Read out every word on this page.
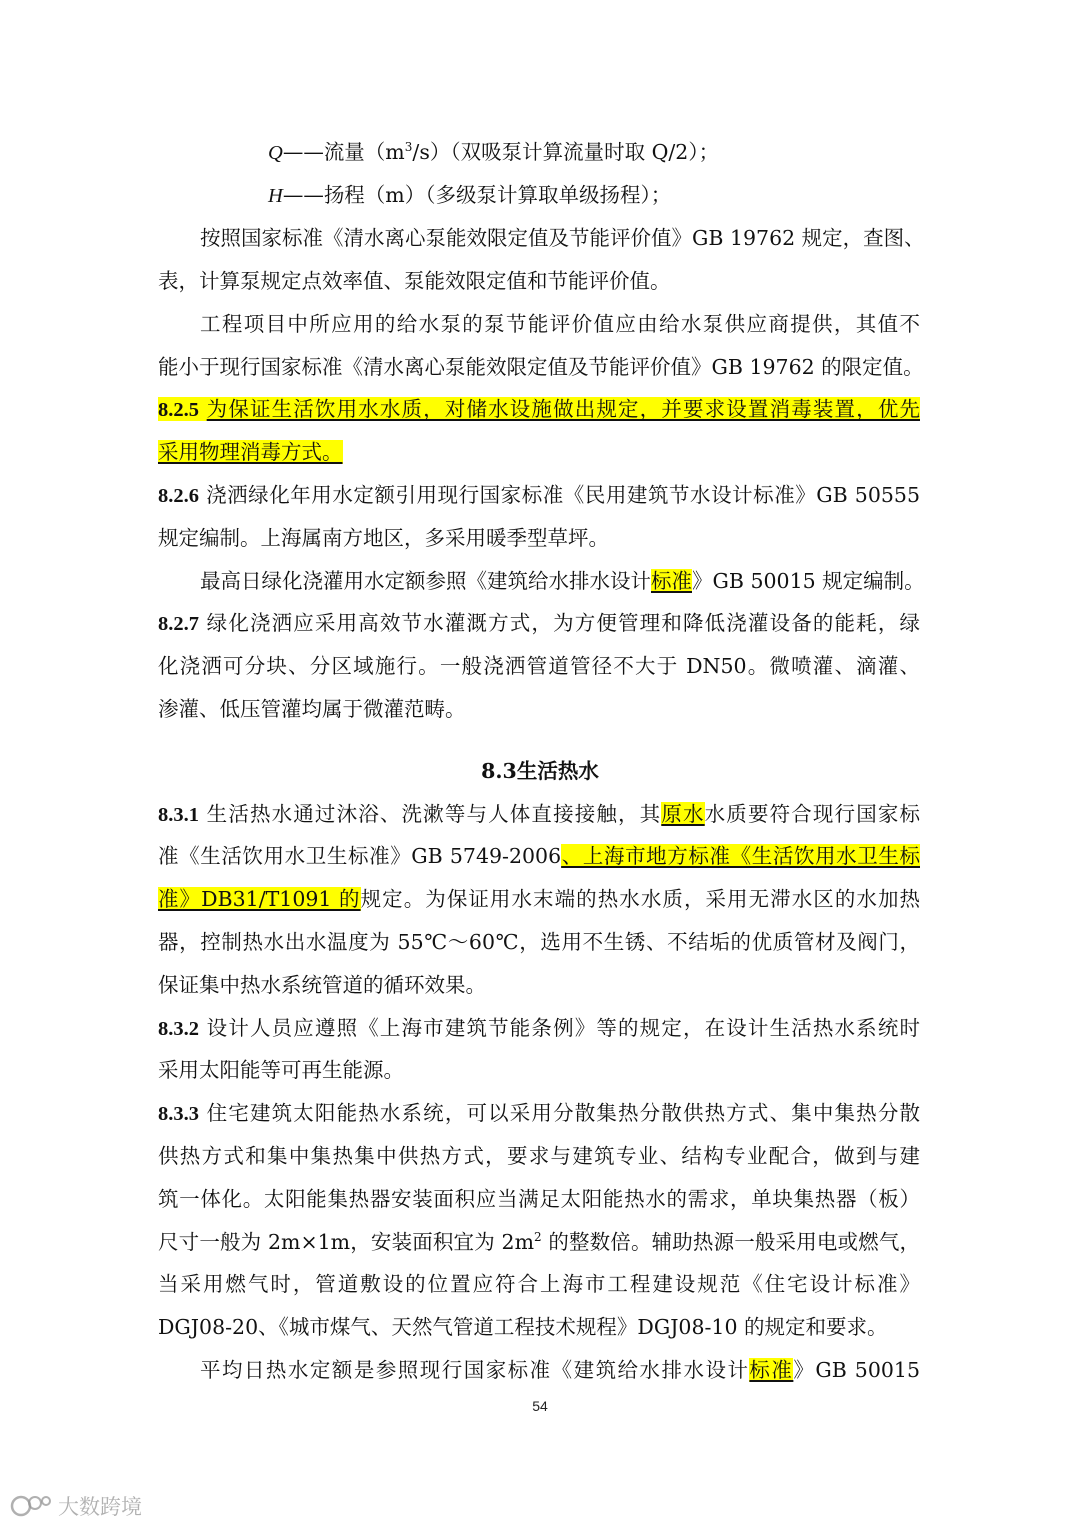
Q——流量$(m^3/s)$（双吸泵计算流量时取 Q/2）；
H——扬程（m）（多级泵计算取单级扬程）；
按照国家标准《清水离心泵能效限定值及节能评价值》GB 19762 规定，查图、
表，计算泵规定点效率值、泵能效限定值和节能评价值。
工程项目中所应用的给水泵的泵节能评价值应由给水泵供应商提供，其值不
能小于现行国家标准《清水离心泵能效限定值及节能评价值》GB 19762 的限定值。
8.2.5 为保证生活饮用水水质，对储水设施做出规定，并要求设置消毒装置，优先
采用物理消毒方式。
8.2.6 浇洒绿化年用水定额引用现行国家标准《民用建筑节水设计标准》GB 50555
规定编制。上海属南方地区，多采用暖季型草坪。
最高日绿化浇灌用水定额参照《建筑给水排水设计标准》GB 50015 规定编制。
8.2.7 绿化浇洒应采用高效节水灌溉方式，为方便管理和降低浇灌设备的能耗，绿
化浇洒可分块、分区域施行。一般浇洒管道管径不大于 DN50。微喷灌、滴灌、
渗灌、低压管灌均属于微灌范畴。
8.3生活热水
8.3.1 生活热水通过沐浴、洗漱等与人体直接接触，其原水水质要符合现行国家标
准《生活饮用水卫生标准》GB 5749-2006、上海市地方标准《生活饮用水卫生标
准》DB31/T1091 的规定。为保证用水末端的热水水质，采用无滞水区的水加热
器，控制热水出水温度为 55℃～60℃，选用不生锈、不结垢的优质管材及阀门，
保证集中热水系统管道的循环效果。
8.3.2 设计人员应遵照《上海市建筑节能条例》等的规定，在设计生活热水系统时
采用太阳能等可再生能源。
8.3.3 住宅建筑太阳能热水系统，可以采用分散集热分散供热方式、集中集热分散
供热方式和集中集热集中供热方式，要求与建筑专业、结构专业配合，做到与建
筑一体化。太阳能集热器安装面积应当满足太阳能热水的需求，单块集热器（板）
尺寸一般为 2m×1m，安装面积宜为 $2m^2$ 的整数倍。辅助热源一般采用电或燃气，
当采用燃气时，管道敷设的位置应符合上海市工程建设规范《住宅设计标准》
DGJ08-20、《城市煤气、天然气管道工程技术规程》DGJ08-10 的规定和要求。
平均日热水定额是参照现行国家标准《建筑给水排水设计标准》GB 50015
54
大数跨境
